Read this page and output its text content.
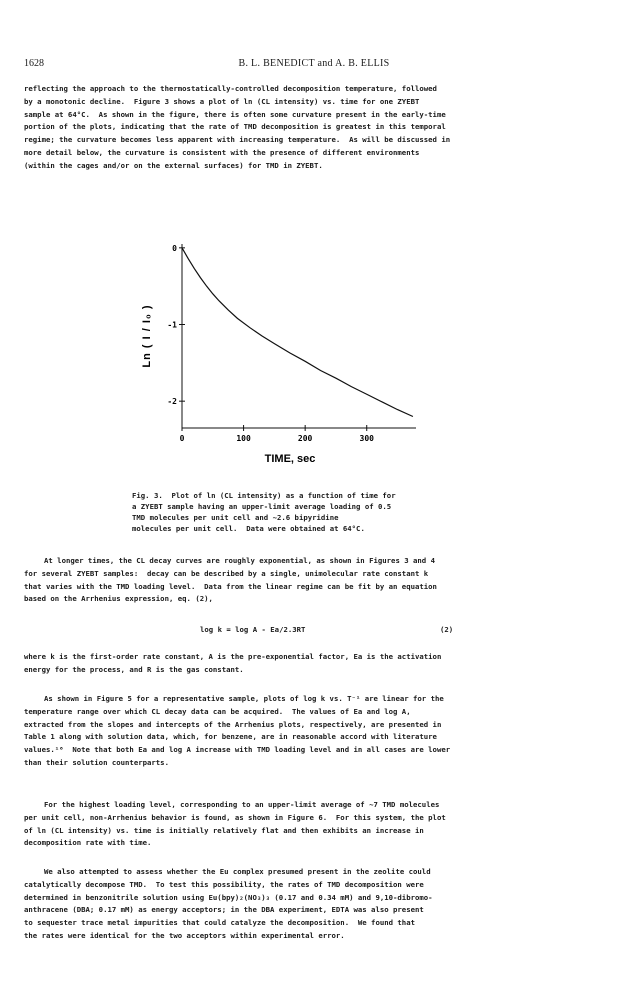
1628	B. L. BENEDICT and A. B. ELLIS
reflecting the approach to the thermostatically-controlled decomposition temperature, followed
by a monotonic decline.  Figure 3 shows a plot of ln (CL intensity) vs. time for one ZYEBT
sample at 64°C.  As shown in the figure, there is often some curvature present in the early-time
portion of the plots, indicating that the rate of TMD decomposition is greatest in this temporal
regime; the curvature becomes less apparent with increasing temperature.  As will be discussed in
more detail below, the curvature is consistent with the presence of different environments
(within the cages and/or on the external surfaces) for TMD in ZYEBT.
0
-1
-2
0	100	200	300
TIME, sec
Ln ( I / I₀ )
Fig. 3.  Plot of ln (CL intensity) as a function of time for
a ZYEBT sample having an upper-limit average loading of 0.5
TMD molecules per unit cell and ~2.6 bipyridine
molecules per unit cell.  Data were obtained at 64°C.
At longer times, the CL decay curves are roughly exponential, as shown in Figures 3 and 4
for several ZYEBT samples:  decay can be described by a single, unimolecular rate constant k
that varies with the TMD loading level.  Data from the linear regime can be fit by an equation
based on the Arrhenius expression, eq. (2),
log k = log A - Ea/2.3RT	(2)
where k is the first-order rate constant, A is the pre-exponential factor, Ea is the activation
energy for the process, and R is the gas constant.
As shown in Figure 5 for a representative sample, plots of log k vs. T⁻¹ are linear for the
temperature range over which CL decay data can be acquired.  The values of Ea and log A,
extracted from the slopes and intercepts of the Arrhenius plots, respectively, are presented in
Table 1 along with solution data, which, for benzene, are in reasonable accord with literature
values.¹⁶  Note that both Ea and log A increase with TMD loading level and in all cases are lower
than their solution counterparts.
For the highest loading level, corresponding to an upper-limit average of ~7 TMD molecules
per unit cell, non-Arrhenius behavior is found, as shown in Figure 6.  For this system, the plot
of ln (CL intensity) vs. time is initially relatively flat and then exhibits an increase in
decomposition rate with time.
We also attempted to assess whether the Eu complex presumed present in the zeolite could
catalytically decompose TMD.  To test this possibility, the rates of TMD decomposition were
determined in benzonitrile solution using Eu(bpy)₂(NO₃)₃ (0.17 and 0.34 mM) and 9,10-dibromo-
anthracene (DBA; 0.17 mM) as energy acceptors; in the DBA experiment, EDTA was also present
to sequester trace metal impurities that could catalyze the decomposition.  We found that
the rates were identical for the two acceptors within experimental error.
